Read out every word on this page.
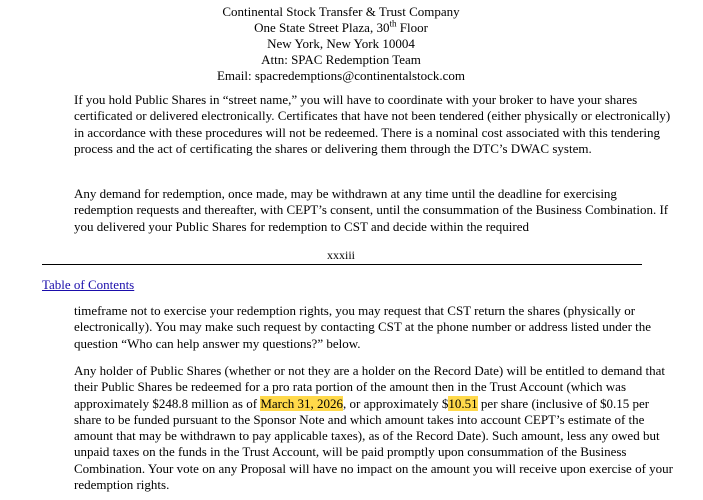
Continental Stock Transfer & Trust Company
One State Street Plaza, 30th Floor
New York, New York 10004
Attn: SPAC Redemption Team
Email: spacredemptions@continentalstock.com

If you hold Public Shares in “street name,” you will have to coordinate with your broker to have your shares certificated or delivered electronically. Certificates that have not been tendered (either physically or electronically) in accordance with these procedures will not be redeemed. There is a nominal cost associated with this tendering process and the act of certificating the shares or delivering them through the DTC’s DWAC system.

Any demand for redemption, once made, may be withdrawn at any time until the deadline for exercising redemption requests and thereafter, with CEPT’s consent, until the consummation of the Business Combination. If you delivered your Public Shares for redemption to CST and decide within the required

xxxiii
Table of Contents

timeframe not to exercise your redemption rights, you may request that CST return the shares (physically or electronically). You may make such request by contacting CST at the phone number or address listed under the question “Who can help answer my questions?” below.

Any holder of Public Shares (whether or not they are a holder on the Record Date) will be entitled to demand that their Public Shares be redeemed for a pro rata portion of the amount then in the Trust Account (which was approximately $248.8 million as of March 31, 2026, or approximately $10.51 per share (inclusive of $0.15 per share to be funded pursuant to the Sponsor Note and which amount takes into account CEPT’s estimate of the amount that may be withdrawn to pay applicable taxes), as of the Record Date). Such amount, less any owed but unpaid taxes on the funds in the Trust Account, will be paid promptly upon consummation of the Business Combination. Your vote on any Proposal will have no impact on the amount you will receive upon exercise of your redemption rights.
